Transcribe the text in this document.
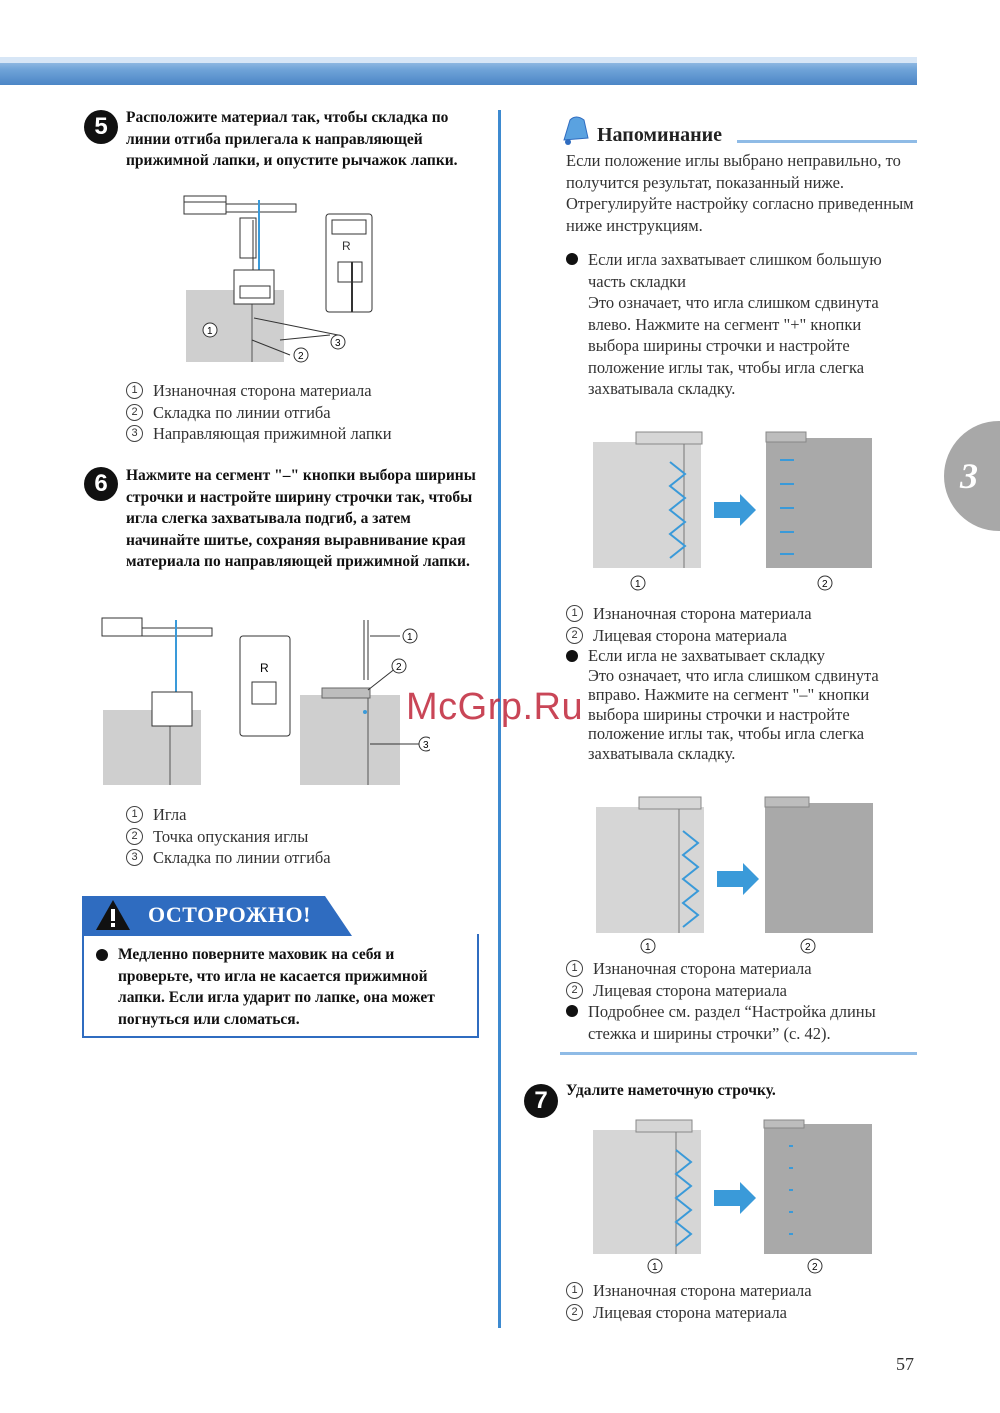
5	Расположите материал так, чтобы складка по линии отгиба прилегала к направляющей прижимной лапки, и опустите рычажок лапки.
R
1
2
3
1 Изнаночная сторона материала
2 Складка по линии отгиба
3 Направляющая прижимной лапки
6	Нажмите на сегмент "–" кнопки выбора ширины строчки и настройте ширину строчки так, чтобы игла слегка захватывала подгиб, а затем начинайте шитье, сохраняя выравнивание края материала по направляющей прижимной лапки.
R
1
2
3
1 Игла
2 Точка опускания иглы
3 Складка по линии отгиба
ОСТОРОЖНО!
Медленно поверните маховик на себя и проверьте, что игла не касается прижимной лапки. Если игла ударит по лапке, она может погнуться или сломаться.
Напоминание
Если положение иглы выбрано неправильно, то получится результат, показанный ниже. Отрегулируйте настройку согласно приведенным ниже инструкциям.
Если игла захватывает слишком большую часть складки
Это означает, что игла слишком сдвинута влево. Нажмите на сегмент "+" кнопки выбора ширины строчки и настройте положение иглы так, чтобы игла слегка захватывала складку.
1	2
1 Изнаночная сторона материала
2 Лицевая сторона материала
Если игла не захватывает складку
Это означает, что игла слишком сдвинута вправо. Нажмите на сегмент "–" кнопки выбора ширины строчки и настройте положение иглы так, чтобы игла слегка захватывала складку.
1	2
1 Изнаночная сторона материала
2 Лицевая сторона материала
Подробнее см. раздел “Настройка длины стежка и ширины строчки” (с. 42).
7	Удалите наметочную строчку.
1	2
1 Изнаночная сторона материала
2 Лицевая сторона материала
3
57
McGrp.Ru
